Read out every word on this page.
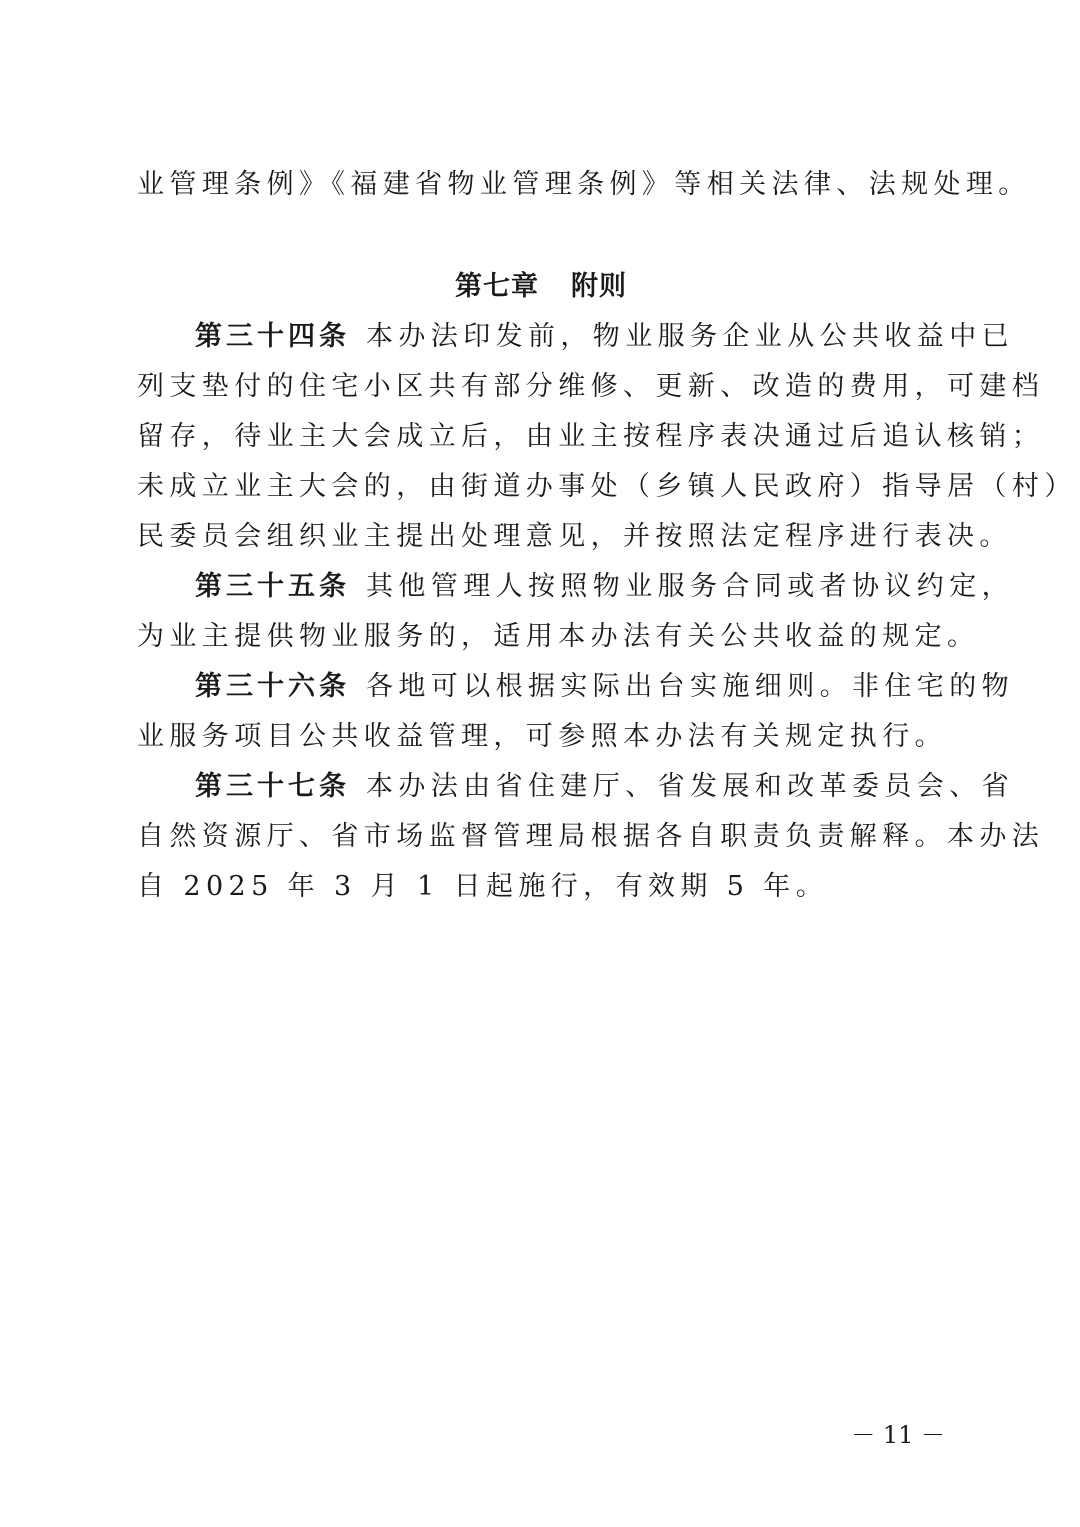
业管理条例》《福建省物业管理条例》等相关法律、法规处理。

第七章 附则

第三十四条 本办法印发前，物业服务企业从公共收益中已

列支垫付的住宅小区共有部分维修、更新、改造的费用，可建档

留存，待业主大会成立后，由业主按程序表决通过后追认核销；

未成立业主大会的，由街道办事处（乡镇人民政府）指导居（村）

民委员会组织业主提出处理意见，并按照法定程序进行表决。

第三十五条 其他管理人按照物业服务合同或者协议约定，

为业主提供物业服务的，适用本办法有关公共收益的规定。

第三十六条 各地可以根据实际出台实施细则。非住宅的物

业服务项目公共收益管理，可参照本办法有关规定执行。

第三十七条 本办法由省住建厅、省发展和改革委员会、省

自然资源厅、省市场监督管理局根据各自职责负责解释。本办法

自 2025 年 3 月 1 日起施行，有效期 5 年。

－ 11 －
